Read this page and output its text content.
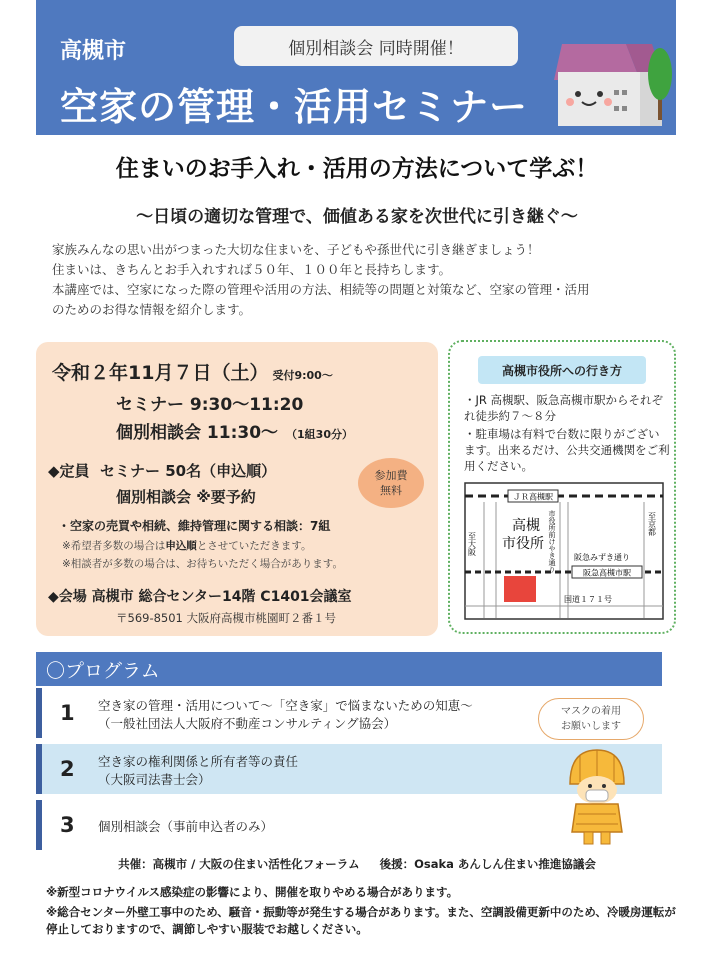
高槻市	個別相談会 同時開催！
空家の管理・活用セミナー
住まいのお手入れ・活用の方法について学ぶ！
〜日頃の適切な管理で、価値ある家を次世代に引き継ぐ〜
家族みんなの思い出がつまった大切な住まいを、子どもや孫世代に引き継ぎましょう！
住まいは、きちんとお手入れすれば５０年、１００年と長持ちします。
本講座では、空家になった際の管理や活用の方法、相続等の問題と対策など、空家の管理・活用
のためのお得な情報を紹介します。
令和２年11月７日（土） 受付9:00〜
セミナー 9:30〜11:20
個別相談会 11:30〜 （1組30分）
◆定員 セミナー 50名（申込順）
個別相談会 ※要予約
・空家の売買や相続、維持管理に関する相談：7組
※希望者多数の場合は申込順とさせていただきます。
※相談者が多数の場合は、お待ちいただく場合があります。
◆会場 高槻市 総合センター14階 C1401会議室
〒569-8501 大阪府高槻市桃園町２番１号
参加費
無料
高槻市役所への行き方

・JR 高槻駅、阪急高槻市駅からそれぞれ徒歩約７〜８分

・駐車場は有料で台数に限りがございます。出来るだけ、公共交通機関をご利用ください。

ＪＲ高槻駅
至大阪
至京都
高槻
市役所 市役所前けやき通り 阪急みずき通り
阪急高槻市駅
国道１７１号
〇プログラム
1 空き家の管理・活用について〜「空き家」で悩まないための知恵〜
（一般社団法人大阪府不動産コンサルティング協会）
2 空き家の権利関係と所有者等の責任
（大阪司法書士会）
3 個別相談会（事前申込者のみ）
マスクの着用
お願いします
共催：高槻市 / 大阪の住まい活性化フォーラム 後援：Osaka あんしん住まい推進協議会
※新型コロナウイルス感染症の影響により、開催を取りやめる場合があります。
※総合センター外壁工事中のため、騒音・振動等が発生する場合があります。また、空調設備更新中のため、冷暖房運転が停止しておりますので、調節しやすい服装でお越しください。
